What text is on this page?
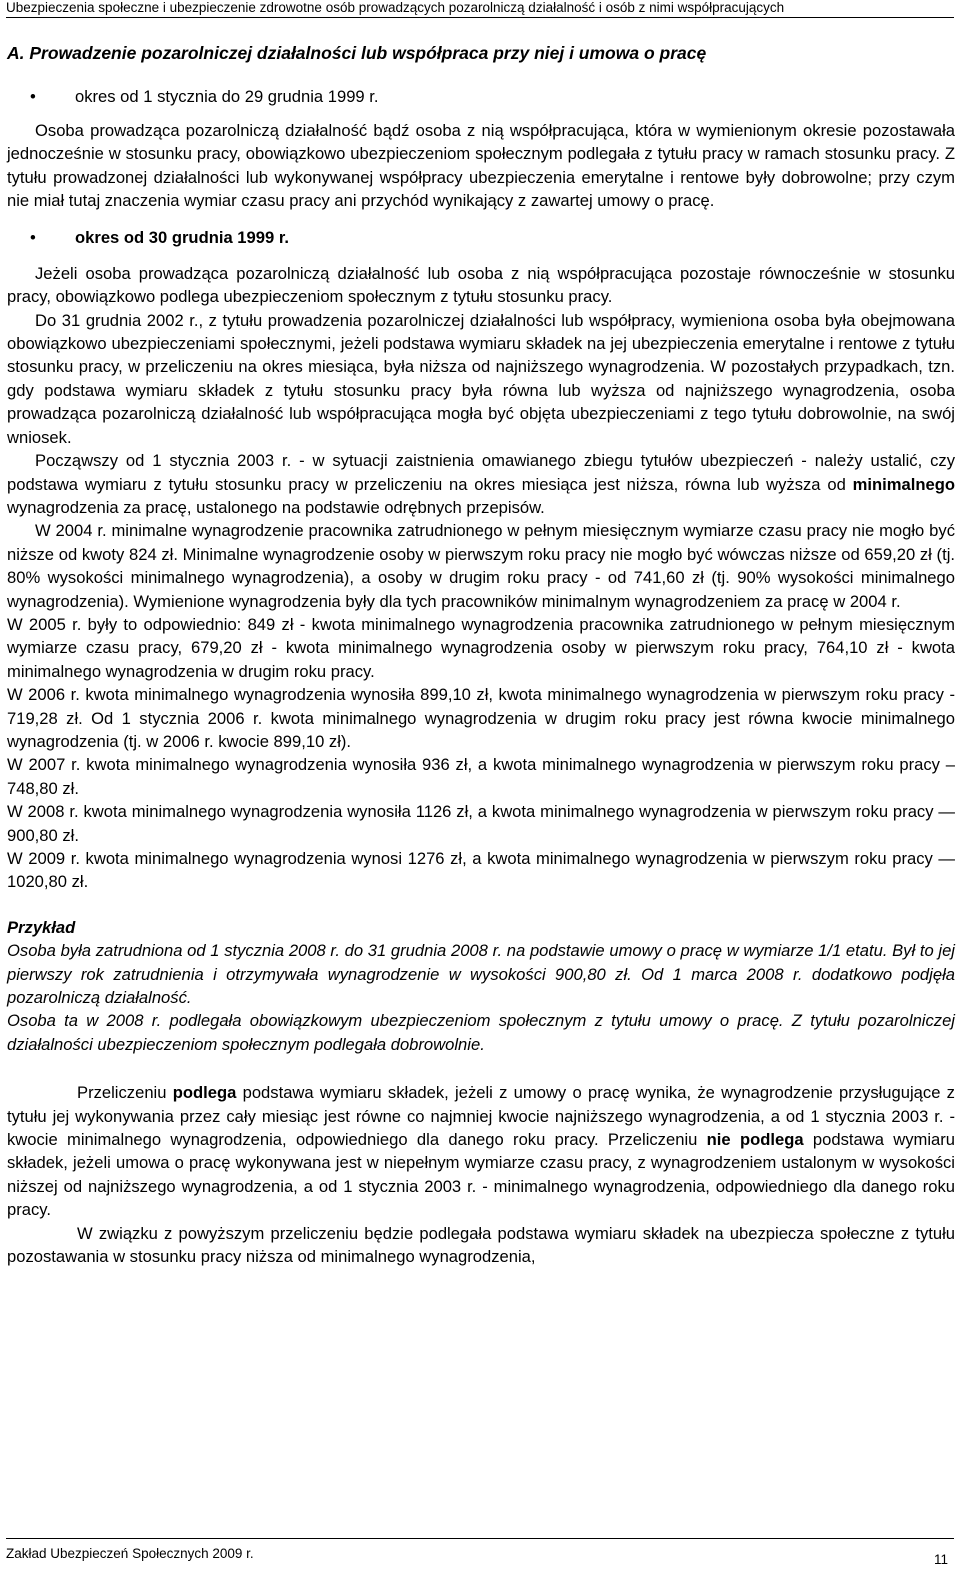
Ubezpieczenia społeczne i ubezpieczenie zdrowotne osób prowadzących pozarolniczą działalność i osób z nimi współpracujących
A. Prowadzenie pozarolniczej działalności lub współpraca przy niej i umowa o pracę
• okres od 1 stycznia do 29 grudnia 1999 r.

Osoba prowadząca pozarolniczą działalność bądź osoba z nią współpracująca, która w wymienionym okresie pozostawała jednocześnie w stosunku pracy, obowiązkowo ubezpieczeniom społecznym podlegała z tytułu pracy w ramach stosunku pracy. Z tytułu prowadzonej działalności lub wykonywanej współpracy ubezpieczenia emerytalne i rentowe były dobrowolne; przy czym nie miał tutaj znaczenia wymiar czasu pracy ani przychód wynikający z zawartej umowy o pracę.

• okres od 30 grudnia 1999 r.

Jeżeli osoba prowadząca pozarolniczą działalność lub osoba z nią współpracująca pozostaje równocześnie w stosunku pracy, obowiązkowo podlega ubezpieczeniom społecznym z tytułu stosunku pracy.

Do 31 grudnia 2002 r., z tytułu prowadzenia pozarolniczej działalności lub współpracy, wymieniona osoba była obejmowana obowiązkowo ubezpieczeniami społecznymi, jeżeli podstawa wymiaru składek na jej ubezpieczenia emerytalne i rentowe z tytułu stosunku pracy, w przeliczeniu na okres miesiąca, była niższa od najniższego wynagrodzenia. W pozostałych przypadkach, tzn. gdy podstawa wymiaru składek z tytułu stosunku pracy była równa lub wyższa od najniższego wynagrodzenia, osoba prowadząca pozarolniczą działalność lub współpracująca mogła być objęta ubezpieczeniami z tego tytułu dobrowolnie, na swój wniosek.

Począwszy od 1 stycznia 2003 r. - w sytuacji zaistnienia omawianego zbiegu tytułów ubezpieczeń - należy ustalić, czy podstawa wymiaru z tytułu stosunku pracy w przeliczeniu na okres miesiąca jest niższa, równa lub wyższa od minimalnego wynagrodzenia za pracę, ustalonego na podstawie odrębnych przepisów.

W 2004 r. minimalne wynagrodzenie pracownika zatrudnionego w pełnym miesięcznym wymiarze czasu pracy nie mogło być niższe od kwoty 824 zł. Minimalne wynagrodzenie osoby w pierwszym roku pracy nie mogło być wówczas niższe od 659,20 zł (tj. 80% wysokości minimalnego wynagrodzenia), a osoby w drugim roku pracy - od 741,60 zł (tj. 90% wysokości minimalnego wynagrodzenia). Wymienione wynagrodzenia były dla tych pracowników minimalnym wynagrodzeniem za pracę w 2004 r.

W 2005 r. były to odpowiednio: 849 zł - kwota minimalnego wynagrodzenia pracownika zatrudnionego w pełnym miesięcznym wymiarze czasu pracy, 679,20 zł - kwota minimalnego wynagrodzenia osoby w pierwszym roku pracy, 764,10 zł - kwota minimalnego wynagrodzenia w drugim roku pracy.

W 2006 r. kwota minimalnego wynagrodzenia wynosiła 899,10 zł, kwota minimalnego wynagrodzenia w pierwszym roku pracy - 719,28 zł. Od 1 stycznia 2006 r. kwota minimalnego wynagrodzenia w drugim roku pracy jest równa kwocie minimalnego wynagrodzenia (tj. w 2006 r. kwocie 899,10 zł).

W 2007 r. kwota minimalnego wynagrodzenia wynosiła 936 zł, a kwota minimalnego wynagrodzenia w pierwszym roku pracy – 748,80 zł.

W 2008 r. kwota minimalnego wynagrodzenia wynosiła 1126 zł, a kwota minimalnego wynagrodzenia w pierwszym roku pracy — 900,80 zł.

W 2009 r. kwota minimalnego wynagrodzenia wynosi 1276 zł, a kwota minimalnego wynagrodzenia w pierwszym roku pracy — 1020,80 zł.

Przykład

Osoba była zatrudniona od 1 stycznia 2008 r. do 31 grudnia 2008 r. na podstawie umowy o pracę w wymiarze 1/1 etatu. Był to jej pierwszy rok zatrudnienia i otrzymywała wynagrodzenie w wysokości 900,80 zł. Od 1 marca 2008 r. dodatkowo podjęła pozarolniczą działalność.

Osoba ta w 2008 r. podlegała obowiązkowym ubezpieczeniom społecznym z tytułu umowy o pracę. Z tytułu pozarolniczej działalności ubezpieczeniom społecznym podlegała dobrowolnie.

Przeliczeniu podlega podstawa wymiaru składek, jeżeli z umowy o pracę wynika, że wynagrodzenie przysługujące z tytułu jej wykonywania przez cały miesiąc jest równe co najmniej kwocie najniższego wynagrodzenia, a od 1 stycznia 2003 r. - kwocie minimalnego wynagrodzenia, odpowiedniego dla danego roku pracy. Przeliczeniu nie podlega podstawa wymiaru składek, jeżeli umowa o pracę wykonywana jest w niepełnym wymiarze czasu pracy, z wynagrodzeniem ustalonym w wysokości niższej od najniższego wynagrodzenia, a od 1 stycznia 2003 r. - minimalnego wynagrodzenia, odpowiedniego dla danego roku pracy.

W związku z powyższym przeliczeniu będzie podlegała podstawa wymiaru składek na ubezpiecza społeczne z tytułu pozostawania w stosunku pracy niższa od minimalnego wynagrodzenia,

Zakład Ubezpieczeń Społecznych 2009 r.	11
